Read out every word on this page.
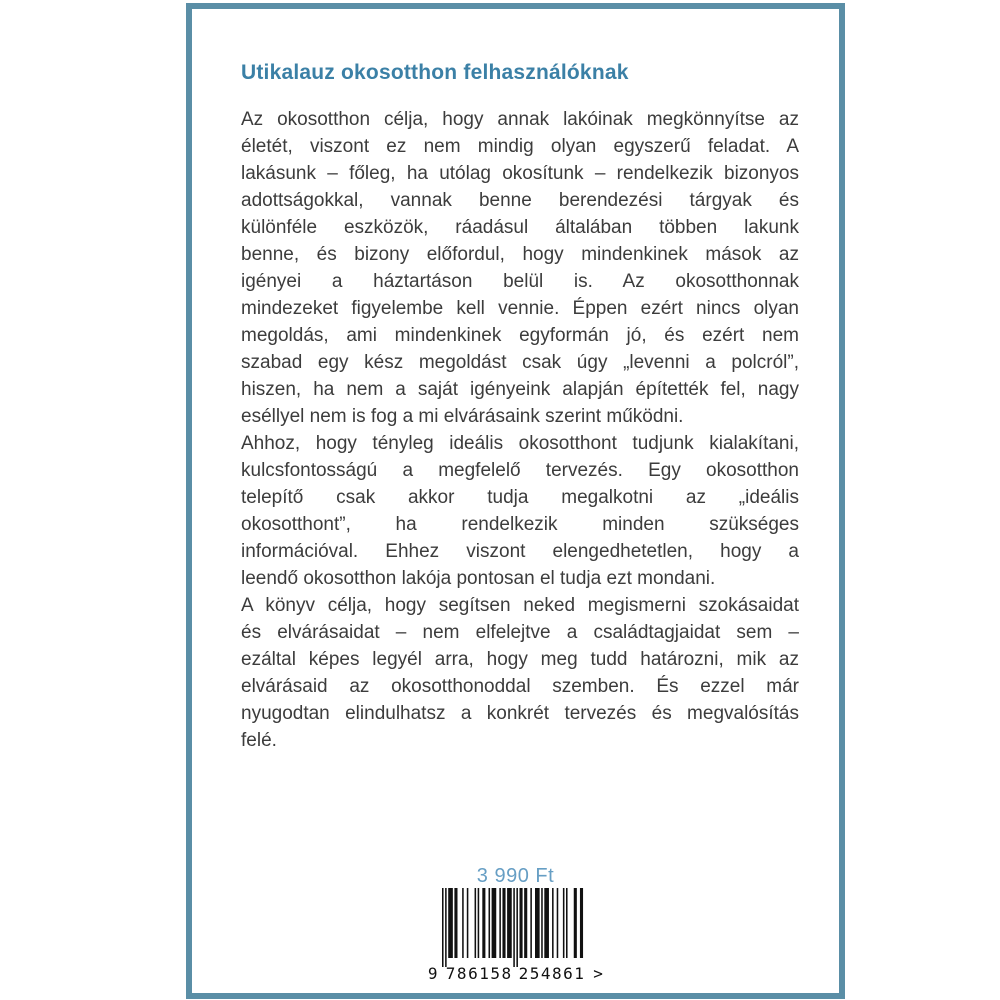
Utikalauz okosotthon felhasználóknak
Az okosotthon célja, hogy annak lakóinak megkönnyítse az
életét, viszont ez nem mindig olyan egyszerű feladat. A
lakásunk – főleg, ha utólag okosítunk – rendelkezik bizonyos
adottságokkal, vannak benne berendezési tárgyak és
különféle eszközök, ráadásul általában többen lakunk
benne, és bizony előfordul, hogy mindenkinek mások az
igényei a háztartáson belül is. Az okosotthonnak
mindezeket figyelembe kell vennie. Éppen ezért nincs olyan
megoldás, ami mindenkinek egyformán jó, és ezért nem
szabad egy kész megoldást csak úgy „levenni a polcról”,
hiszen, ha nem a saját igényeink alapján építették fel, nagy
eséllyel nem is fog a mi elvárásaink szerint működni.
Ahhoz, hogy tényleg ideális okosotthont tudjunk kialakítani,
kulcsfontosságú a megfelelő tervezés. Egy okosotthon
telepítő csak akkor tudja megalkotni az „ideális
okosotthont”, ha rendelkezik minden szükséges
információval. Ehhez viszont elengedhetetlen, hogy a
leendő okosotthon lakója pontosan el tudja ezt mondani.
A könyv célja, hogy segítsen neked megismerni szokásaidat
és elvárásaidat – nem elfelejtve a családtagjaidat sem –
ezáltal képes legyél arra, hogy meg tudd határozni, mik az
elvárásaid az okosotthonoddal szemben. És ezzel már
nyugodtan elindulhatsz a konkrét tervezés és megvalósítás
felé.
3 990 Ft
9 786158 254861 >
